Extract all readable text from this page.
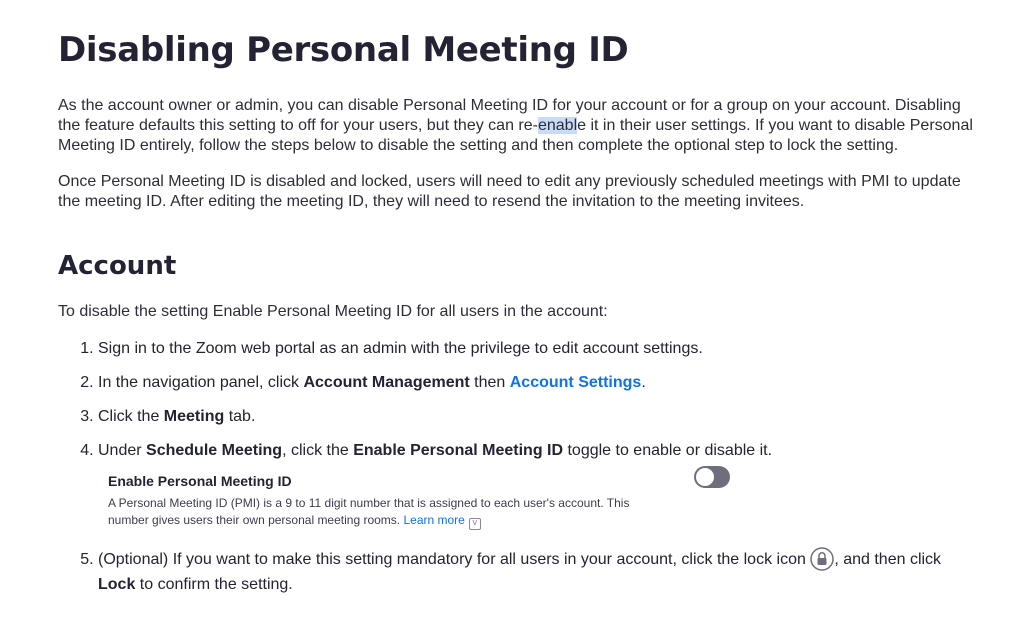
Disabling Personal Meeting ID

As the account owner or admin, you can disable Personal Meeting ID for your account or for a group on your account. Disabling the feature defaults this setting to off for your users, but they can re-enable it in their user settings. If you want to disable Personal Meeting ID entirely, follow the steps below to disable the setting and then complete the optional step to lock the setting.

Once Personal Meeting ID is disabled and locked, users will need to edit any previously scheduled meetings with PMI to update the meeting ID. After editing the meeting ID, they will need to resend the invitation to the meeting invitees.

Account

To disable the setting Enable Personal Meeting ID for all users in the account:

1. Sign in to the Zoom web portal as an admin with the privilege to edit account settings.
2. In the navigation panel, click Account Management then Account Settings.
3. Click the Meeting tab.
4. Under Schedule Meeting, click the Enable Personal Meeting ID toggle to enable or disable it.
Enable Personal Meeting ID
A Personal Meeting ID (PMI) is a 9 to 11 digit number that is assigned to each user's account. This number gives users their own personal meeting rooms. Learn more V
5. (Optional) If you want to make this setting mandatory for all users in your account, click the lock icon , and then click Lock to confirm the setting.
